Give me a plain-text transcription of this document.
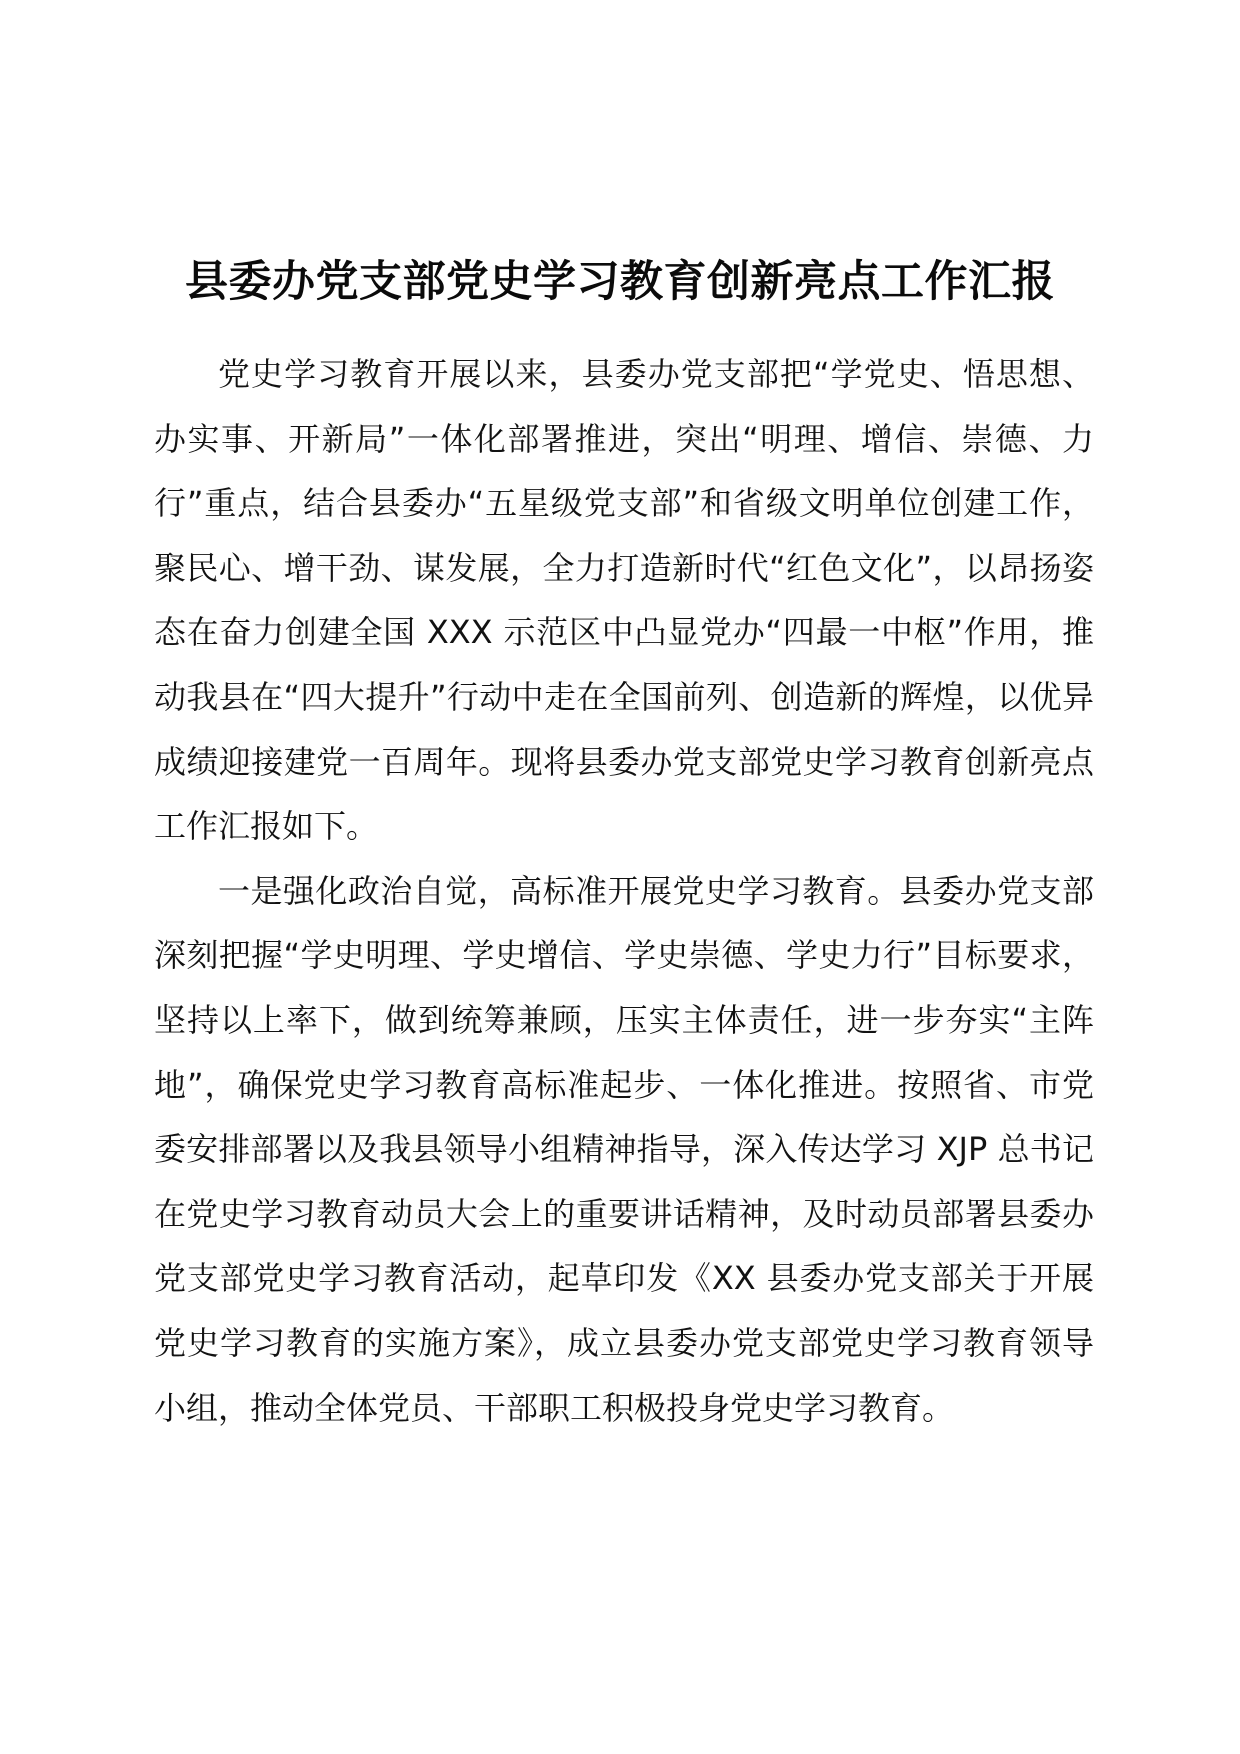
县委办党支部党史学习教育创新亮点工作汇报

党史学习教育开展以来，县委办党支部把“学党史、悟思想、办实事、开新局”一体化部署推进，突出“明理、增信、崇德、力行”重点，结合县委办“五星级党支部”和省级文明单位创建工作，聚民心、增干劲、谋发展，全力打造新时代“红色文化”，以昂扬姿态在奋力创建全国 XXX 示范区中凸显党办“四最一中枢”作用，推动我县在“四大提升”行动中走在全国前列、创造新的辉煌，以优异成绩迎接建党一百周年。现将县委办党支部党史学习教育创新亮点工作汇报如下。

一是强化政治自觉，高标准开展党史学习教育。县委办党支部深刻把握“学史明理、学史增信、学史崇德、学史力行”目标要求，坚持以上率下，做到统筹兼顾，压实主体责任，进一步夯实“主阵地”，确保党史学习教育高标准起步、一体化推进。按照省、市党委安排部署以及我县领导小组精神指导，深入传达学习 XJP 总书记在党史学习教育动员大会上的重要讲话精神，及时动员部署县委办党支部党史学习教育活动，起草印发《XX 县委办党支部关于开展党史学习教育的实施方案》，成立县委办党支部党史学习教育领导小组，推动全体党员、干部职工积极投身党史学习教育。
